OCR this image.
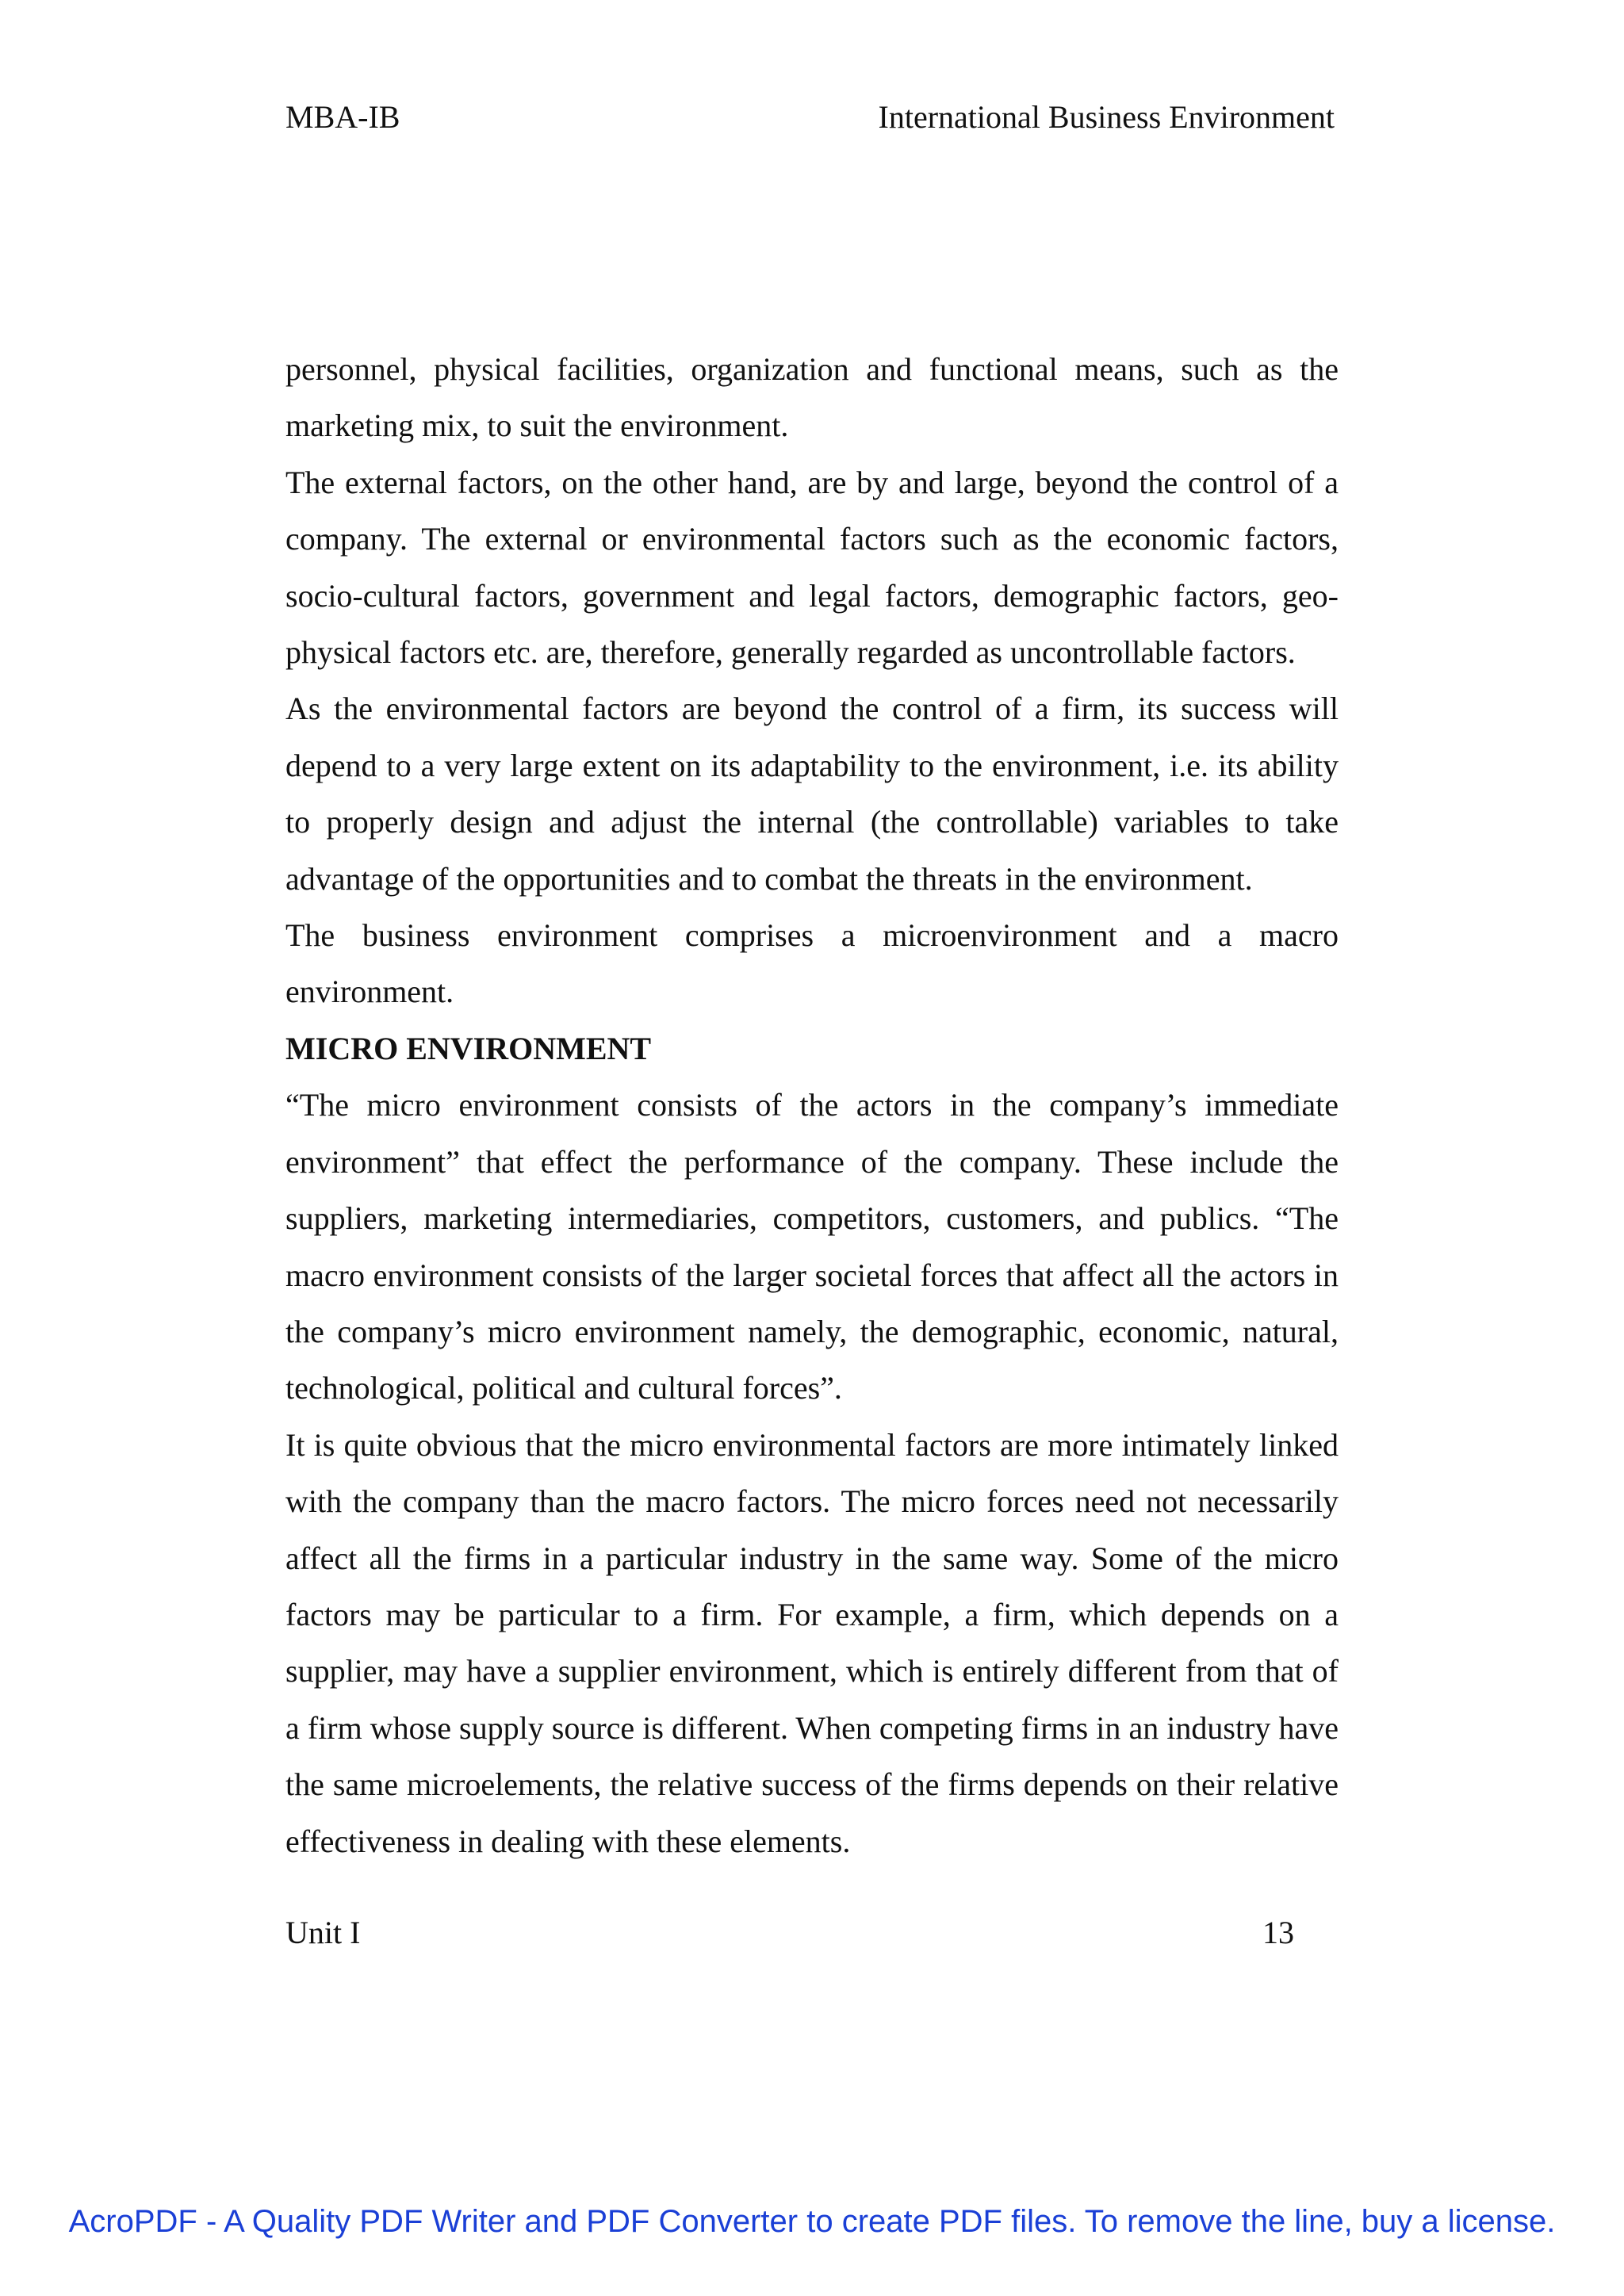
MBA-IB	International Business Environment

personnel, physical facilities, organization and functional means, such as the marketing mix, to suit the environment.

The external factors, on the other hand, are by and large, beyond the control of a company. The external or environmental factors such as the economic factors, socio-cultural factors, government and legal factors, demographic factors, geo-physical factors etc. are, therefore, generally regarded as uncontrollable factors.

As the environmental factors are beyond the control of a firm, its success will depend to a very large extent on its adaptability to the environment, i.e. its ability to properly design and adjust the internal (the controllable) variables to take advantage of the opportunities and to combat the threats in the environment.

The business environment comprises a microenvironment and a macro environment.

MICRO ENVIRONMENT

“The micro environment consists of the actors in the company’s immediate environment” that effect the performance of the company. These include the suppliers, marketing intermediaries, competitors, customers, and publics. “The macro environment consists of the larger societal forces that affect all the actors in the company’s micro environment namely, the demographic, economic, natural, technological, political and cultural forces”.

It is quite obvious that the micro environmental factors are more intimately linked with the company than the macro factors. The micro forces need not necessarily affect all the firms in a particular industry in the same way. Some of the micro factors may be particular to a firm. For example, a firm, which depends on a supplier, may have a supplier environment, which is entirely different from that of a firm whose supply source is different. When competing firms in an industry have the same microelements, the relative success of the firms depends on their relative effectiveness in dealing with these elements.

Unit I	13
AcroPDF - A Quality PDF Writer and PDF Converter to create PDF files. To remove the line, buy a license.
